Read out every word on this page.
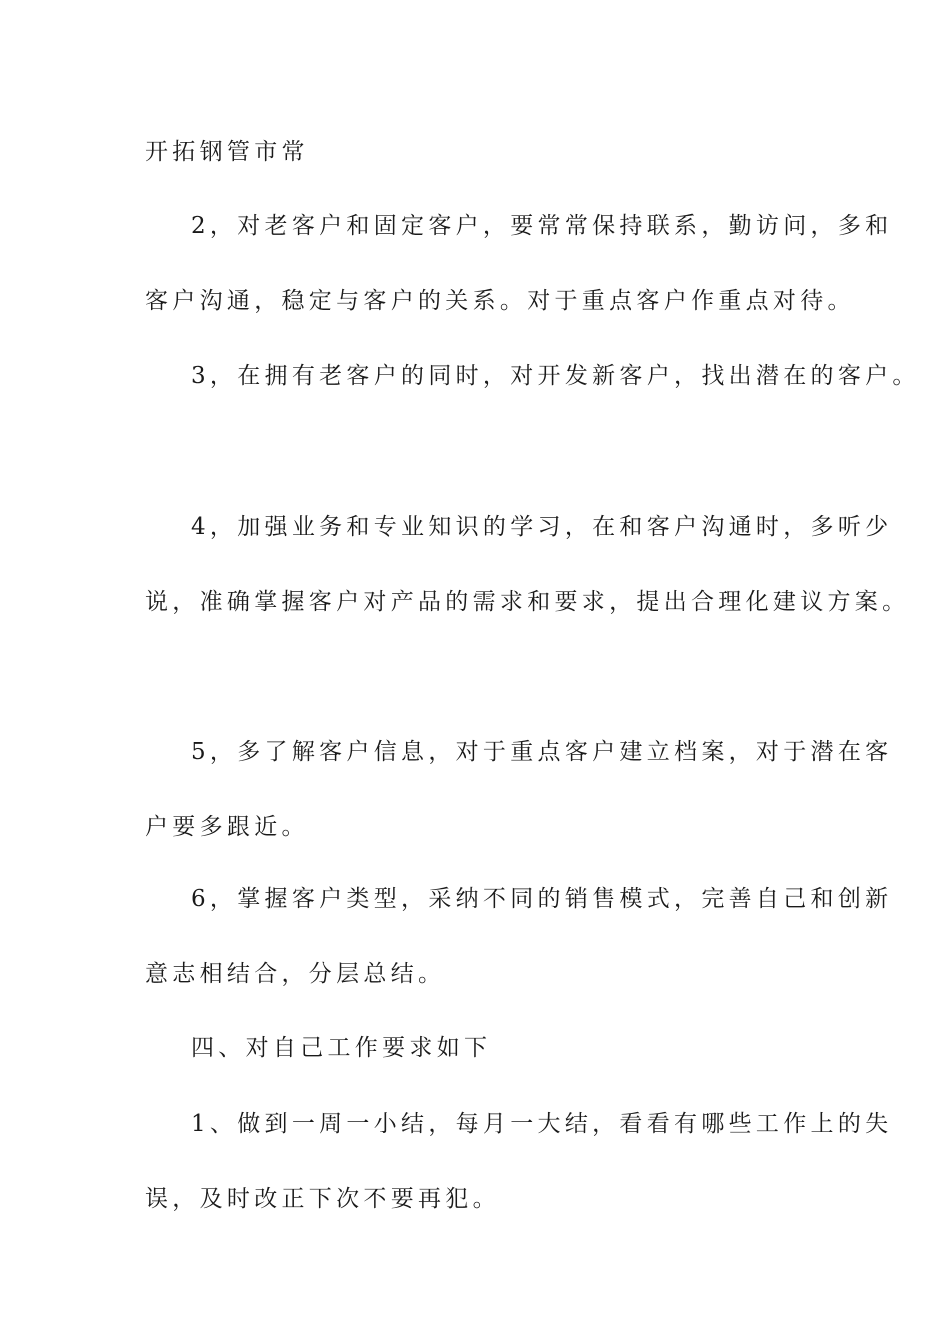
开拓钢管市常
2，对老客户和固定客户，要常常保持联系，勤访问，多和
客户沟通，稳定与客户的关系。对于重点客户作重点对待。
3，在拥有老客户的同时，对开发新客户，找出潜在的客户。
4，加强业务和专业知识的学习，在和客户沟通时，多听少
说，准确掌握客户对产品的需求和要求，提出合理化建议方案。
5，多了解客户信息，对于重点客户建立档案，对于潜在客
户要多跟近。
6，掌握客户类型，采纳不同的销售模式，完善自己和创新
意志相结合，分层总结。
四、对自己工作要求如下
1、做到一周一小结，每月一大结，看看有哪些工作上的失
误，及时改正下次不要再犯。
